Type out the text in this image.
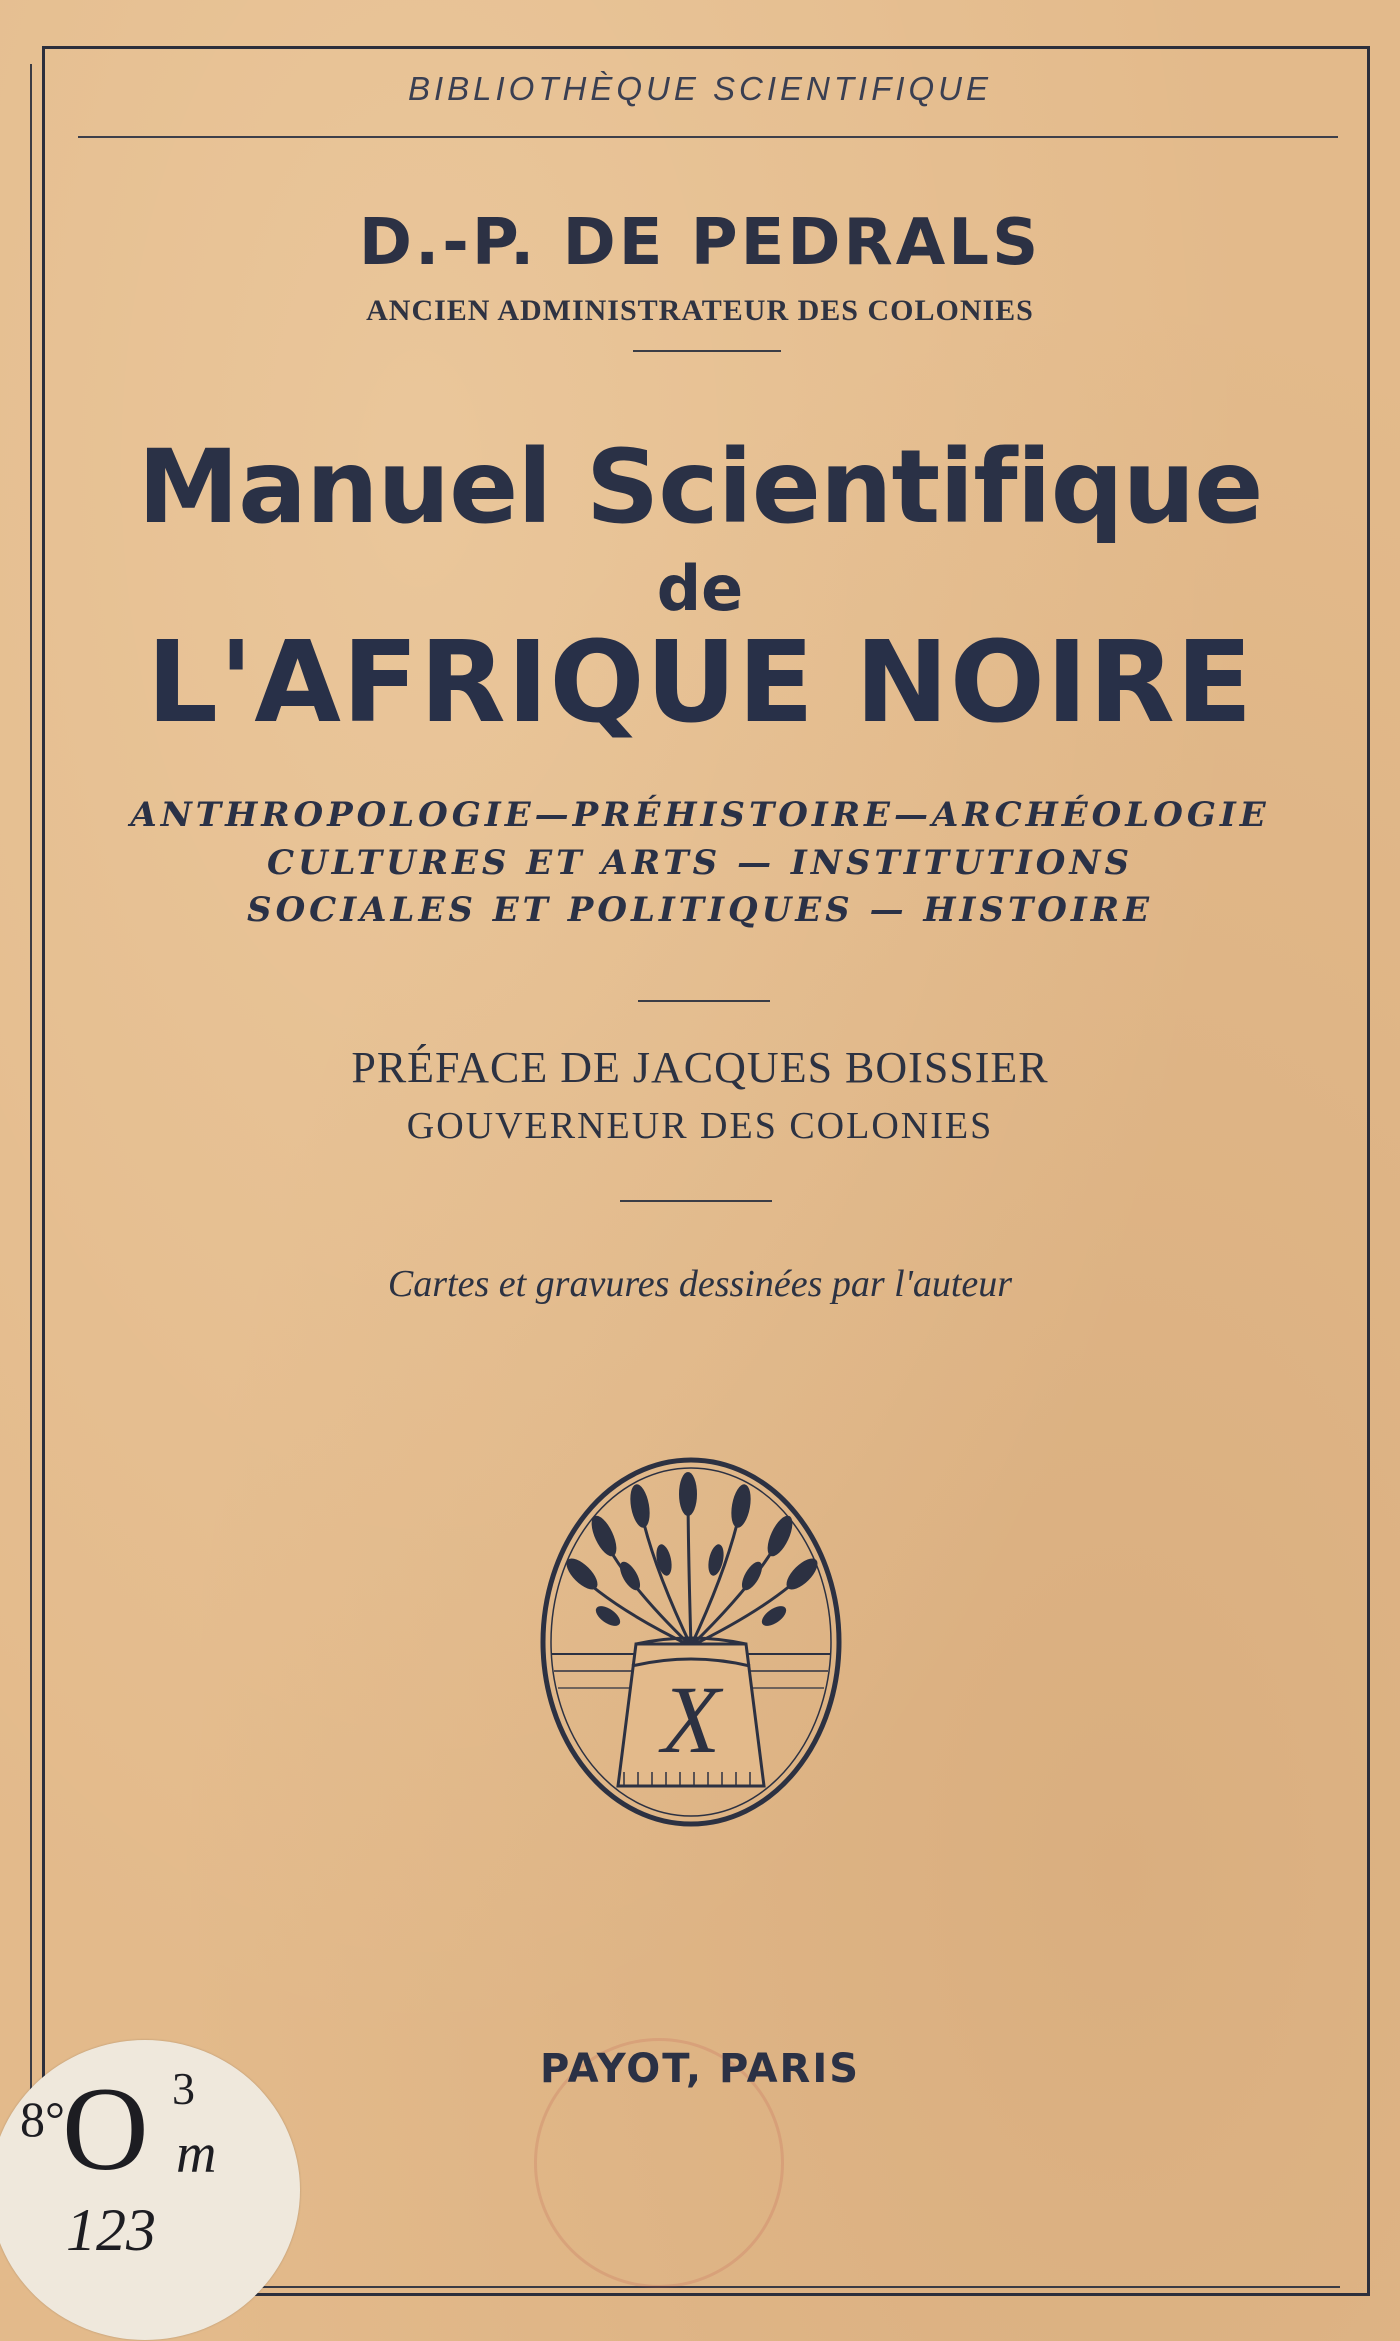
BIBLIOTHÈQUE SCIENTIFIQUE
D.-P. DE PEDRALS
ANCIEN ADMINISTRATEUR DES COLONIES
Manuel Scientifique
de
L'AFRIQUE NOIRE
ANTHROPOLOGIE—PRÉHISTOIRE—ARCHÉOLOGIE
CULTURES ET ARTS — INSTITUTIONS
SOCIALES ET POLITIQUES — HISTOIRE
PRÉFACE DE JACQUES BOISSIER
GOUVERNEUR DES COLONIES
Cartes et gravures dessinées par l'auteur
X
PAYOT, PARIS
8°
O 3
m
123
